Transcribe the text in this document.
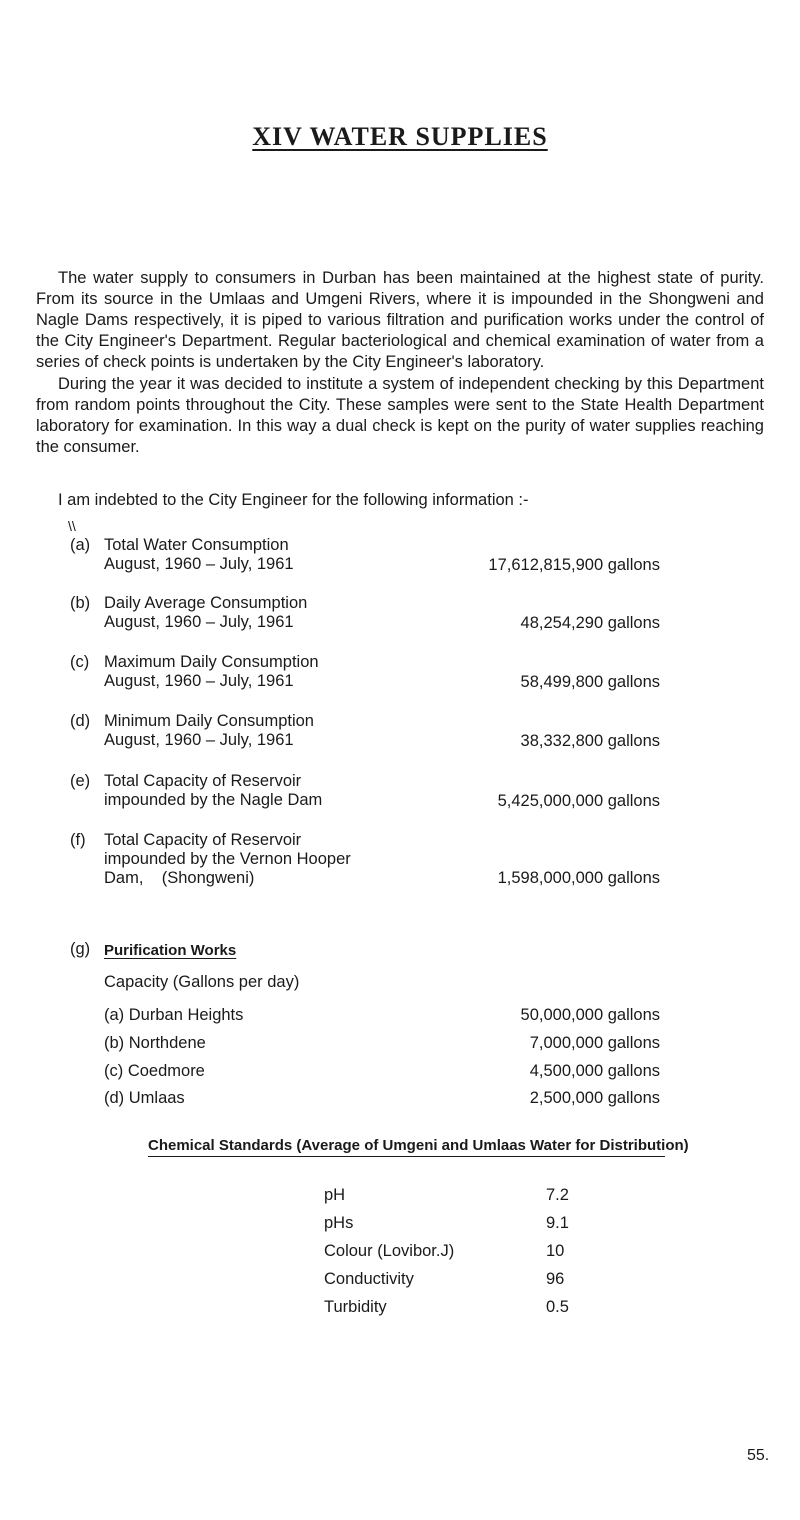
XIV WATER SUPPLIES
The water supply to consumers in Durban has been maintained at the highest state of purity. From its source in the Umlaas and Umgeni Rivers, where it is impounded in the Shongweni and Nagle Dams respectively, it is piped to various filtration and purification works under the control of the City Engineer's Department. Regular bacteriological and chemical examination of water from a series of check points is undertaken by the City Engineer's laboratory.
During the year it was decided to institute a system of independent checking by this Department from random points throughout the City. These samples were sent to the State Health Department laboratory for examination. In this way a dual check is kept on the purity of water supplies reaching the consumer.
I am indebted to the City Engineer for the following information :-
\\
(a) Total Water Consumption
August, 1960 – July, 1961	17,612,815,900 gallons
(b) Daily Average Consumption
August, 1960 – July, 1961	48,254,290 gallons
(c) Maximum Daily Consumption
August, 1960 – July, 1961	58,499,800 gallons
(d) Minimum Daily Consumption
August, 1960 – July, 1961	38,332,800 gallons
(e) Total Capacity of Reservoir
impounded by the Nagle Dam	5,425,000,000 gallons
(f)	Total Capacity of Reservoir
impounded by the Vernon Hooper
Dam,    (Shongweni)	1,598,000,000 gallons
(g) Purification Works
Capacity (Gallons per day)
(a) Durban Heights	50,000,000 gallons
(b) Northdene	7,000,000 gallons
(c) Coedmore	4,500,000 gallons
(d) Umlaas	2,500,000 gallons
Chemical Standards (Average of Umgeni and Umlaas Water for Distribution)
pH	7.2
pHs	9.1
Colour (Lovibor.J)	10
Conductivity	96
Turbidity	0.5
55.
